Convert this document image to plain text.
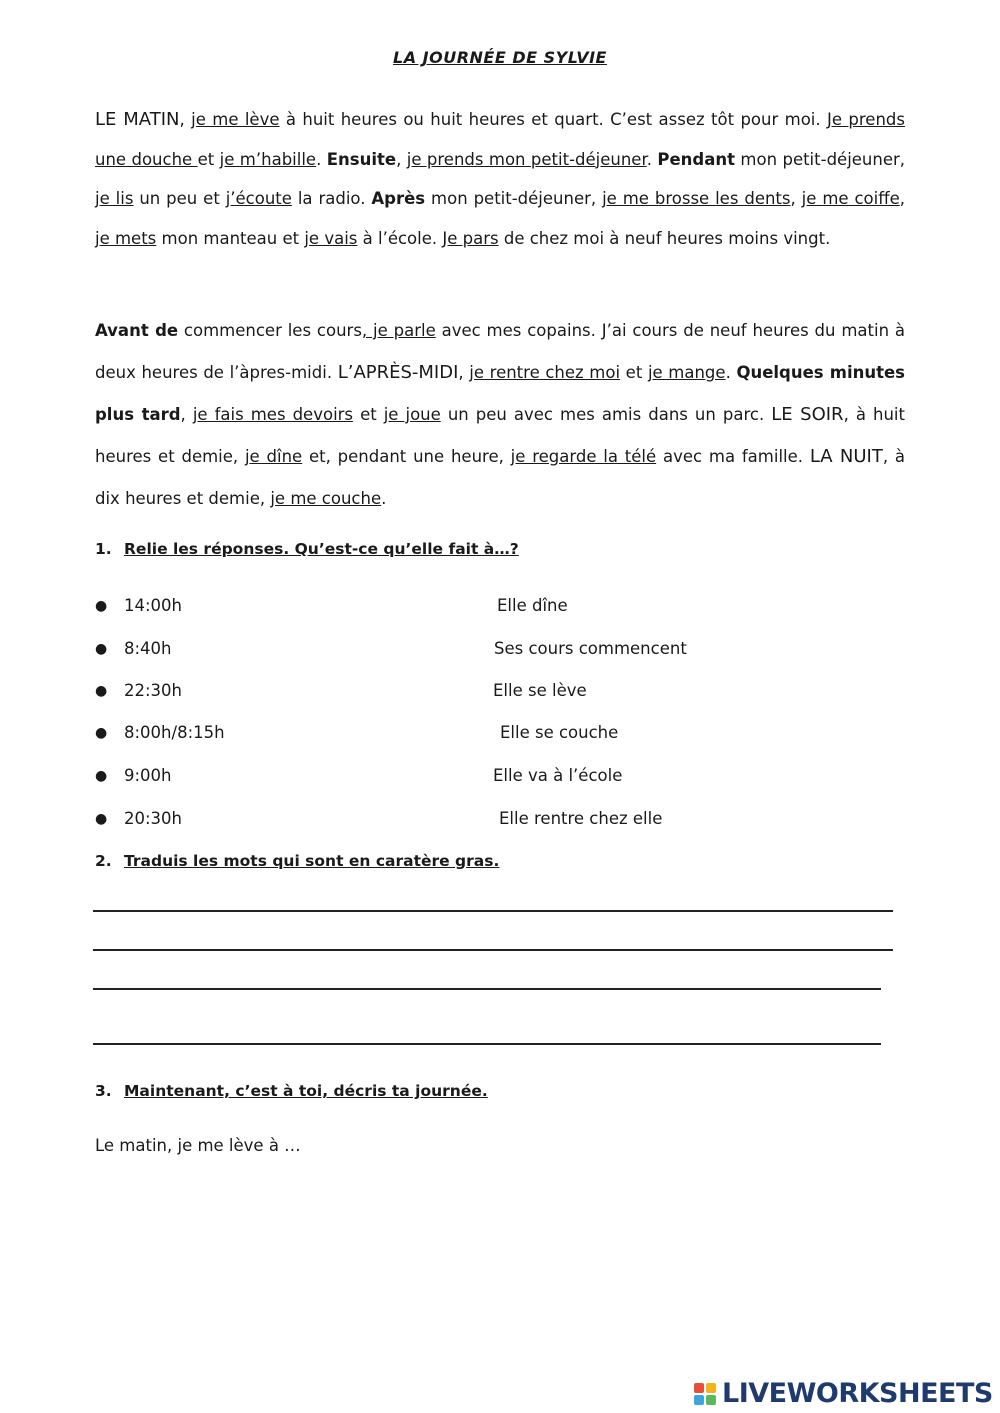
LA JOURNÉE DE SYLVIE
LE MATIN, je me lève à huit heures ou huit heures et quart. C’est assez tôt pour moi. Je prends une douche et je m’habille. Ensuite, je prends mon petit-déjeuner. Pendant mon petit-déjeuner, je lis un peu et j’écoute la radio. Après mon petit-déjeuner, je me brosse les dents, je me coiffe, je mets mon manteau et je vais à l’école. Je pars de chez moi à neuf heures moins vingt.
Avant de commencer les cours, je parle avec mes copains. J’ai cours de neuf heures du matin à deux heures de l’àpres-midi. L’APRÈS-MIDI, je rentre chez moi et je mange. Quelques minutes plus tard, je fais mes devoirs et je joue un peu avec mes amis dans un parc. LE SOIR, à huit heures et demie, je dîne et, pendant une heure, je regarde la télé avec ma famille. LA NUIT, à dix heures et demie, je me couche.
1. Relie les réponses. Qu’est-ce qu’elle fait à…?
● 14:00h	Elle dîne
● 8:40h	Ses cours commencent
● 22:30h	Elle se lève
● 8:00h/8:15h	Elle se couche
● 9:00h	Elle va à l’école
● 20:30h	Elle rentre chez elle
2. Traduis les mots qui sont en caratère gras.
3. Maintenant, c’est à toi, décris ta journée.
Le matin, je me lève à …
LIVEWORKSHEETS
